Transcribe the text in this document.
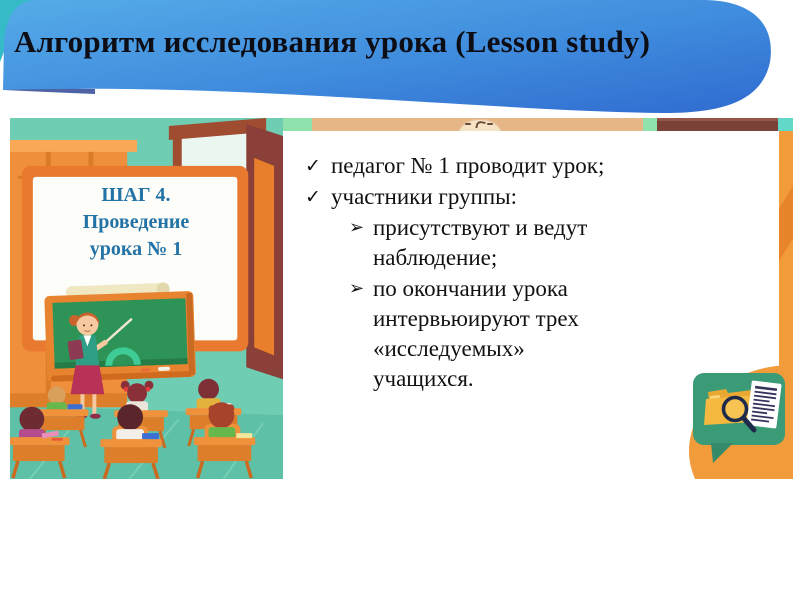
Алгоритм исследования урока (Lesson study)
ШАГ 4.
Проведение
урока № 1
✓ педагог № 1 проводит урок;
✓ участники группы:
➢ присутствуют и ведут наблюдение;
➢ по окончании урока интервьюируют трех «исследуемых» учащихся.
